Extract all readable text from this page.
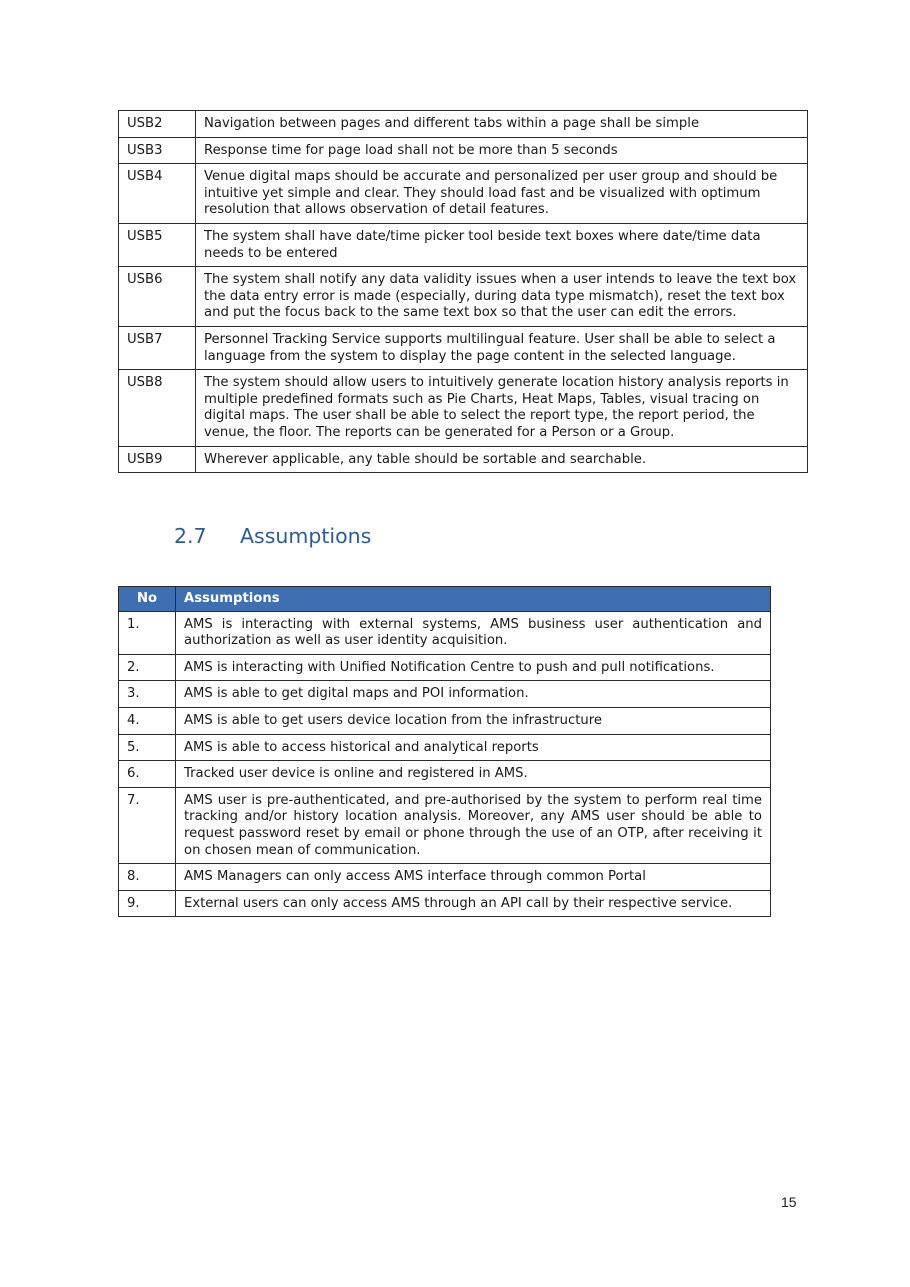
USB2	Navigation between pages and different tabs within a page shall be simple
USB3	Response time for page load shall not be more than 5 seconds
USB4	Venue digital maps should be accurate and personalized per user group and should be intuitive yet simple and clear. They should load fast and be visualized with optimum resolution that allows observation of detail features.
USB5	The system shall have date/time picker tool beside text boxes where date/time data needs to be entered
USB6	The system shall notify any data validity issues when a user intends to leave the text box the data entry error is made (especially, during data type mismatch), reset the text box and put the focus back to the same text box so that the user can edit the errors.
USB7	Personnel Tracking Service supports multilingual feature. User shall be able to select a language from the system to display the page content in the selected language.
USB8	The system should allow users to intuitively generate location history analysis reports in multiple predefined formats such as Pie Charts, Heat Maps, Tables, visual tracing on digital maps. The user shall be able to select the report type, the report period, the venue, the floor. The reports can be generated for a Person or a Group.
USB9	Wherever applicable, any table should be sortable and searchable.
2.7 Assumptions
No	Assumptions
1.	AMS is interacting with external systems, AMS business user authentication and authorization as well as user identity acquisition.
2.	AMS is interacting with Unified Notification Centre to push and pull notifications.
3.	AMS is able to get digital maps and POI information.
4.	AMS is able to get users device location from the infrastructure
5.	AMS is able to access historical and analytical reports
6.	Tracked user device is online and registered in AMS.
7.	AMS user is pre-authenticated, and pre-authorised by the system to perform real time tracking and/or history location analysis. Moreover, any AMS user should be able to request password reset by email or phone through the use of an OTP, after receiving it on chosen mean of communication.
8.	AMS Managers can only access AMS interface through common Portal
9.	External users can only access AMS through an API call by their respective service.
15
